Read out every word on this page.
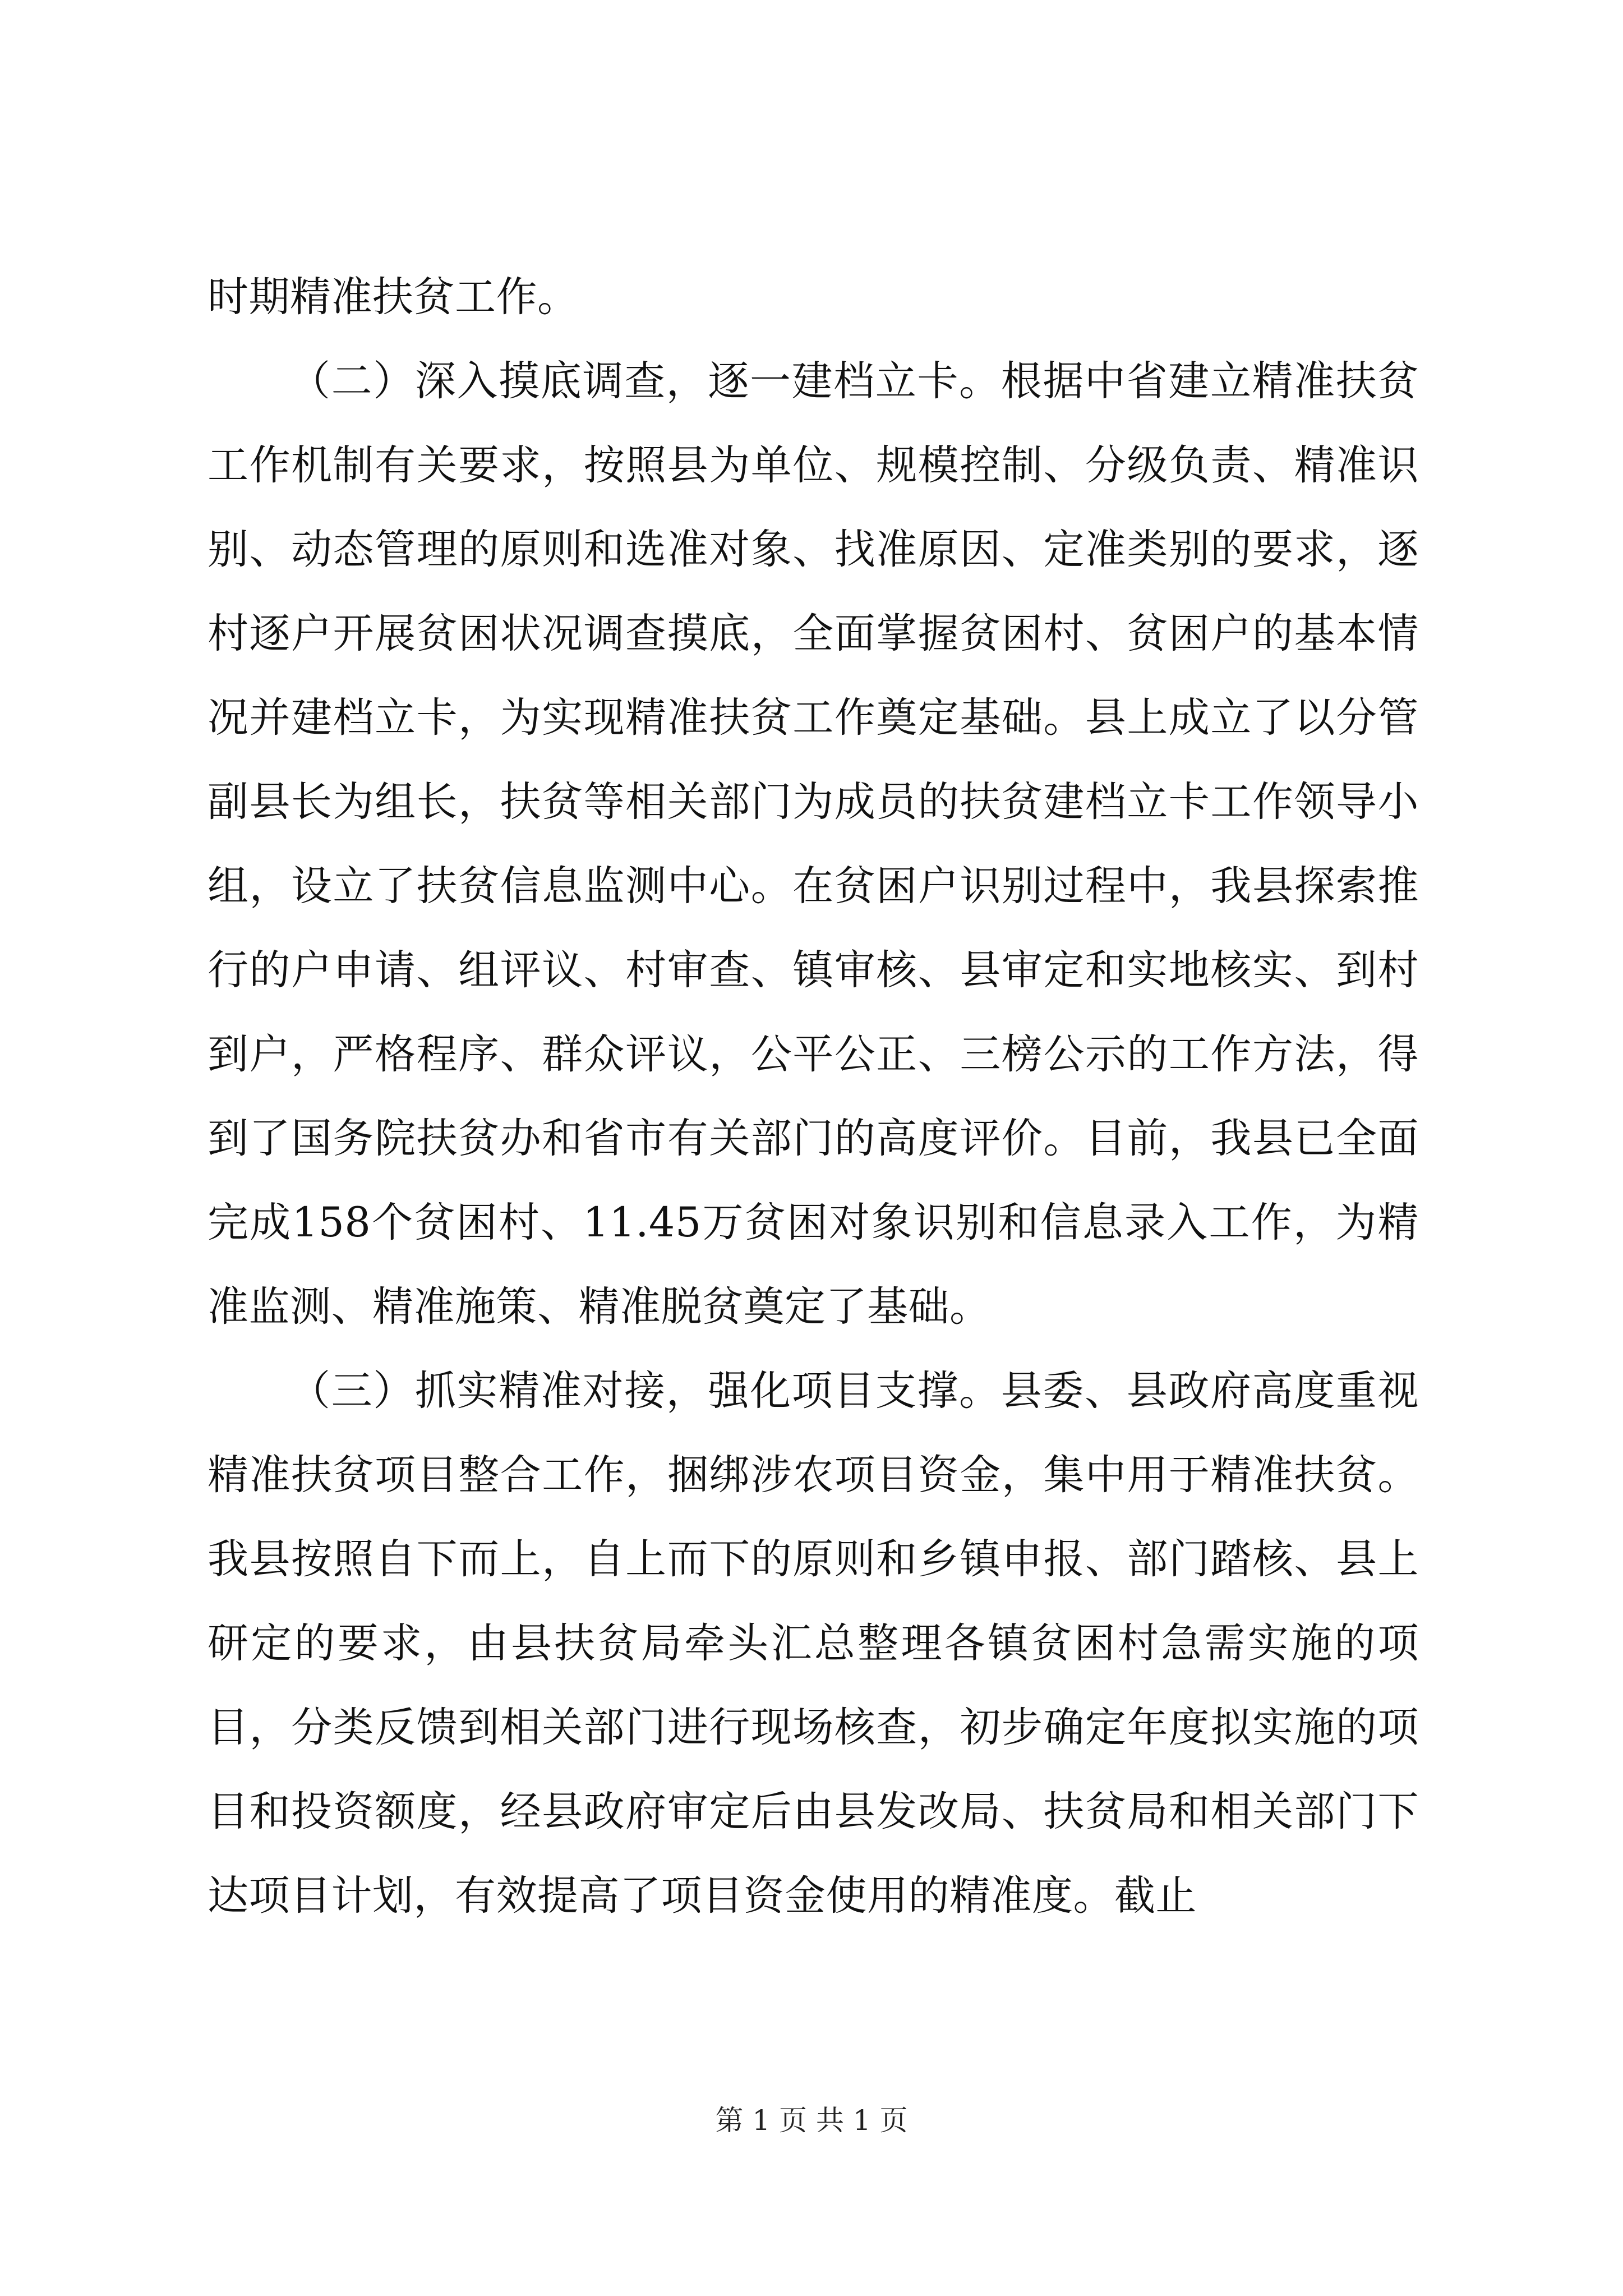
时期精准扶贫工作。

（二）深入摸底调查，逐一建档立卡。根据中省建立精准扶贫工作机制有关要求，按照县为单位、规模控制、分级负责、精准识别、动态管理的原则和选准对象、找准原因、定准类别的要求，逐村逐户开展贫困状况调查摸底，全面掌握贫困村、贫困户的基本情况并建档立卡，为实现精准扶贫工作奠定基础。县上成立了以分管副县长为组长，扶贫等相关部门为成员的扶贫建档立卡工作领导小组，设立了扶贫信息监测中心。在贫困户识别过程中，我县探索推行的户申请、组评议、村审查、镇审核、县审定和实地核实、到村到户，严格程序、群众评议，公平公正、三榜公示的工作方法，得到了国务院扶贫办和省市有关部门的高度评价。目前，我县已全面完成158个贫困村、11.45万贫困对象识别和信息录入工作，为精准监测、精准施策、精准脱贫奠定了基础。

（三）抓实精准对接，强化项目支撑。县委、县政府高度重视精准扶贫项目整合工作，捆绑涉农项目资金，集中用于精准扶贫。我县按照自下而上，自上而下的原则和乡镇申报、部门踏核、县上研定的要求，由县扶贫局牵头汇总整理各镇贫困村急需实施的项目，分类反馈到相关部门进行现场核查，初步确定年度拟实施的项目和投资额度，经县政府审定后由县发改局、扶贫局和相关部门下达项目计划，有效提高了项目资金使用的精准度。截止

第 1 页 共 1 页
